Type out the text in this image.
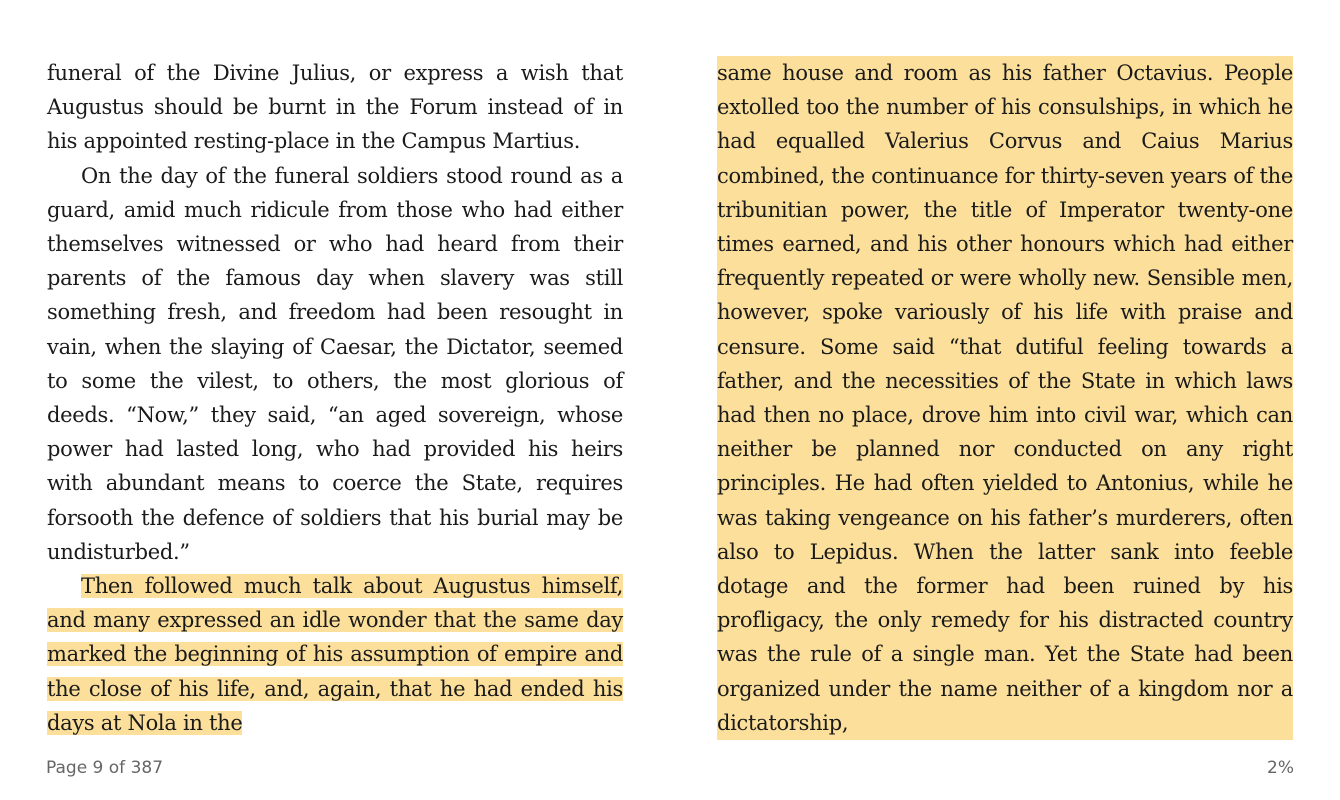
funeral of the Divine Julius, or express a wish that Augustus should be burnt in the Forum instead of in his appointed resting-place in the Campus Martius.

On the day of the funeral soldiers stood round as a guard, amid much ridicule from those who had either themselves witnessed or who had heard from their parents of the famous day when slavery was still something fresh, and freedom had been resought in vain, when the slaying of Caesar, the Dictator, seemed to some the vilest, to others, the most glorious of deeds. “Now,” they said, “an aged sovereign, whose power had lasted long, who had provided his heirs with abundant means to coerce the State, requires forsooth the defence of soldiers that his burial may be undisturbed.”

Then followed much talk about Augustus himself, and many expressed an idle wonder that the same day marked the beginning of his assumption of empire and the close of his life, and, again, that he had ended his days at Nola in the

same house and room as his father Octavius. People extolled too the number of his consulships, in which he had equalled Valerius Corvus and Caius Marius combined, the continuance for thirty-seven years of the tribunitian power, the title of Imperator twenty-one times earned, and his other honours which had either frequently repeated or were wholly new. Sensible men, however, spoke variously of his life with praise and censure. Some said “that dutiful feeling towards a father, and the necessities of the State in which laws had then no place, drove him into civil war, which can neither be planned nor conducted on any right principles. He had often yielded to Antonius, while he was taking vengeance on his father’s murderers, often also to Lepidus. When the latter sank into feeble dotage and the former had been ruined by his profligacy, the only remedy for his distracted country was the rule of a single man. Yet the State had been organized under the name neither of a kingdom nor a dictatorship,

Page 9 of 387	2%
